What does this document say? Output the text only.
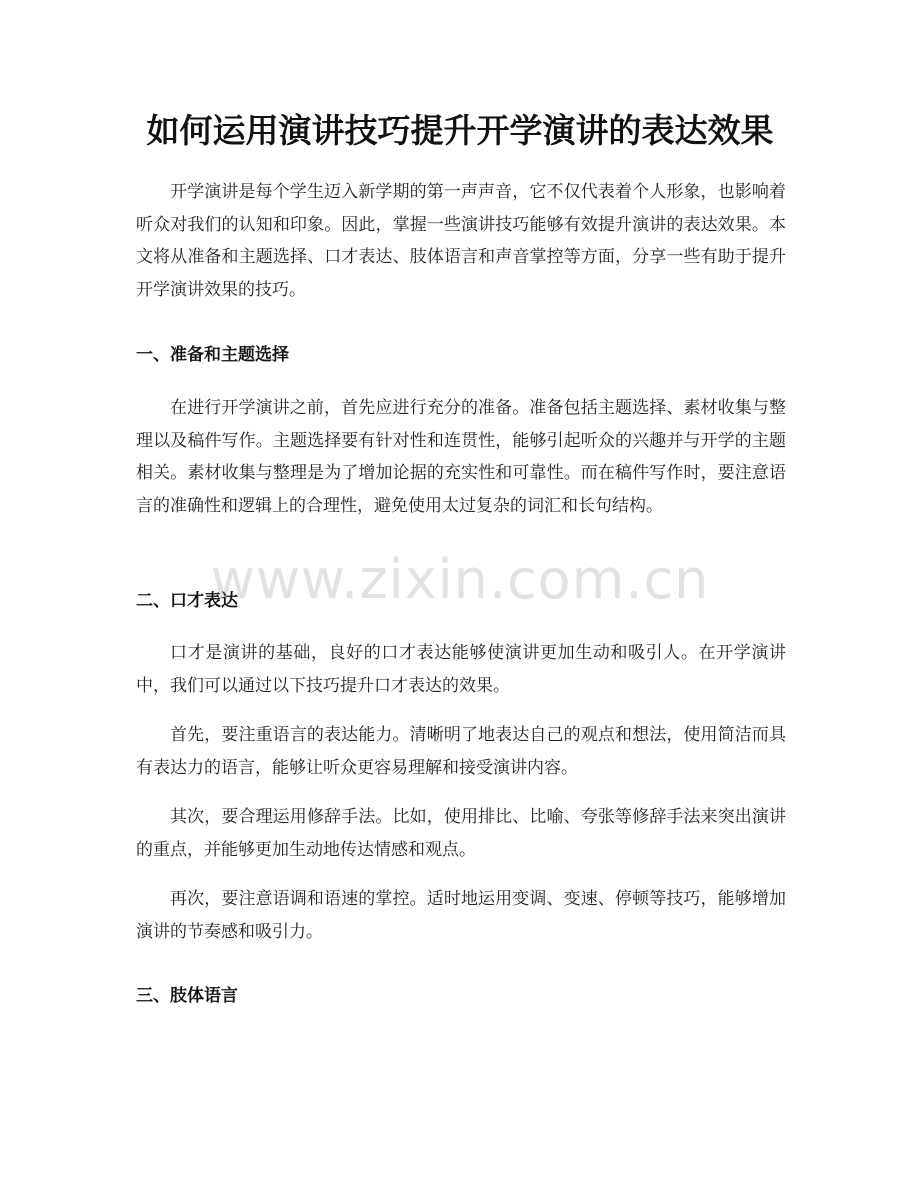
如何运用演讲技巧提升开学演讲的表达效果

开学演讲是每个学生迈入新学期的第一声声音，它不仅代表着个人形象，也影响着听众对我们的认知和印象。因此，掌握一些演讲技巧能够有效提升演讲的表达效果。本文将从准备和主题选择、口才表达、肢体语言和声音掌控等方面，分享一些有助于提升开学演讲效果的技巧。

一、准备和主题选择

在进行开学演讲之前，首先应进行充分的准备。准备包括主题选择、素材收集与整理以及稿件写作。主题选择要有针对性和连贯性，能够引起听众的兴趣并与开学的主题相关。素材收集与整理是为了增加论据的充实性和可靠性。而在稿件写作时，要注意语言的准确性和逻辑上的合理性，避免使用太过复杂的词汇和长句结构。

二、口才表达

口才是演讲的基础，良好的口才表达能够使演讲更加生动和吸引人。在开学演讲中，我们可以通过以下技巧提升口才表达的效果。

首先，要注重语言的表达能力。清晰明了地表达自己的观点和想法，使用简洁而具有表达力的语言，能够让听众更容易理解和接受演讲内容。

其次，要合理运用修辞手法。比如，使用排比、比喻、夸张等修辞手法来突出演讲的重点，并能够更加生动地传达情感和观点。

再次，要注意语调和语速的掌控。适时地运用变调、变速、停顿等技巧，能够增加演讲的节奏感和吸引力。

三、肢体语言
www.zixin.com.cn
